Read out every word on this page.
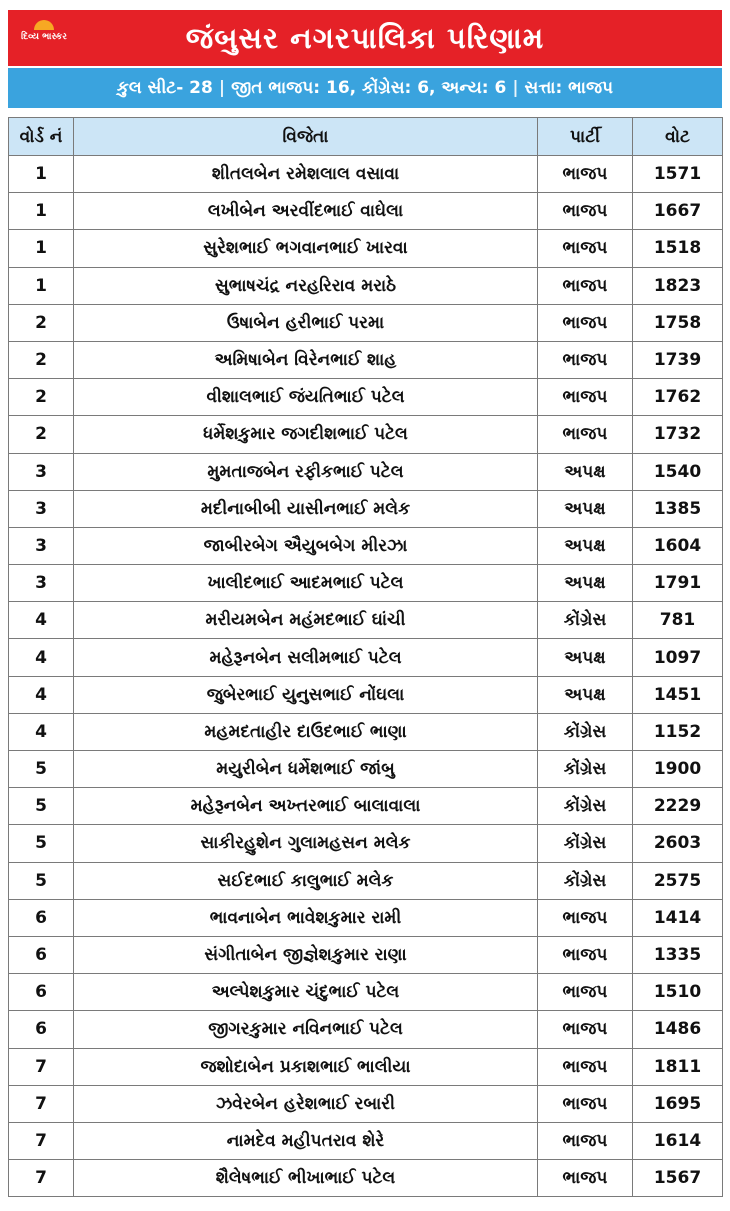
દિવ્ય ભાસ્કર	જંબુસર નગરપાલિકા પરિણામ
કુલ સીટ- 28 | જીત ભાજપ: 16, કોંગ્રેસ: 6, અન્ય: 6 | સત્તા: ભાજપ
વોર્ડ નં	વિજેતા	પાર્ટી	વોટ
1	શીતલબેન રમેશલાલ વસાવા	ભાજપ	1571
1	લખીબેન અરવીંદભાઈ વાઘેલા	ભાજપ	1667
1	સુરેશભાઈ ભગવાનભાઈ ખારવા	ભાજપ	1518
1	સુભાષચંદ્ર નરહરિરાવ મરાઠે	ભાજપ	1823
2	ઉષાબેન હરીભાઈ પરમા	ભાજપ	1758
2	અમિષાબેન વિરેનભાઈ શાહ	ભાજપ	1739
2	વીશાલભાઈ જંયતિભાઈ પટેલ	ભાજપ	1762
2	ધર્મેશકુમાર જગદીશભાઈ પટેલ	ભાજપ	1732
3	મુમતાજબેન રફીકભાઈ પટેલ	અપક્ષ	1540
3	મદીનાબીબી યાસીનભાઈ મલેક	અપક્ષ	1385
3	જાબીરબેગ ઐયુબબેગ મીરઝા	અપક્ષ	1604
3	ખાલીદભાઈ આદમભાઈ પટેલ	અપક્ષ	1791
4	મરીયમબેન મહંમદભાઈ ઘાંચી	કોંગ્રેસ	781
4	મહેરૂનબેન સલીમભાઈ પટેલ	અપક્ષ	1097
4	જુબેરભાઈ યુનુસભાઈ નોંઘલા	અપક્ષ	1451
4	મહમદતાહીર દાઉદભાઈ ભાણા	કોંગ્રેસ	1152
5	મયુરીબેન ધર્મેશભાઈ જાંબુ	કોંગ્રેસ	1900
5	મહેરૂનબેન અખ્તરભાઈ બાલાવાલા	કોંગ્રેસ	2229
5	સાકીરહુશેન ગુલામહસન મલેક	કોંગ્રેસ	2603
5	સઈદભાઈ કાલુભાઈ મલેક	કોંગ્રેસ	2575
6	ભાવનાબેન ભાવેશકુમાર રામી	ભાજપ	1414
6	સંગીતાબેન જીજ્ઞેશકુમાર રાણા	ભાજપ	1335
6	અલ્પેશકુમાર ચંદુભાઈ પટેલ	ભાજપ	1510
6	જીગરકુમાર નવિનભાઈ પટેલ	ભાજપ	1486
7	જશોદાબેન પ્રકાશભાઈ ભાલીયા	ભાજપ	1811
7	ઝવેરબેન હરેશભાઈ રબારી	ભાજપ	1695
7	નામદેવ મહીપતરાવ શેરે	ભાજપ	1614
7	શૈલેષભાઈ ભીખાભાઈ પટેલ	ભાજપ	1567
